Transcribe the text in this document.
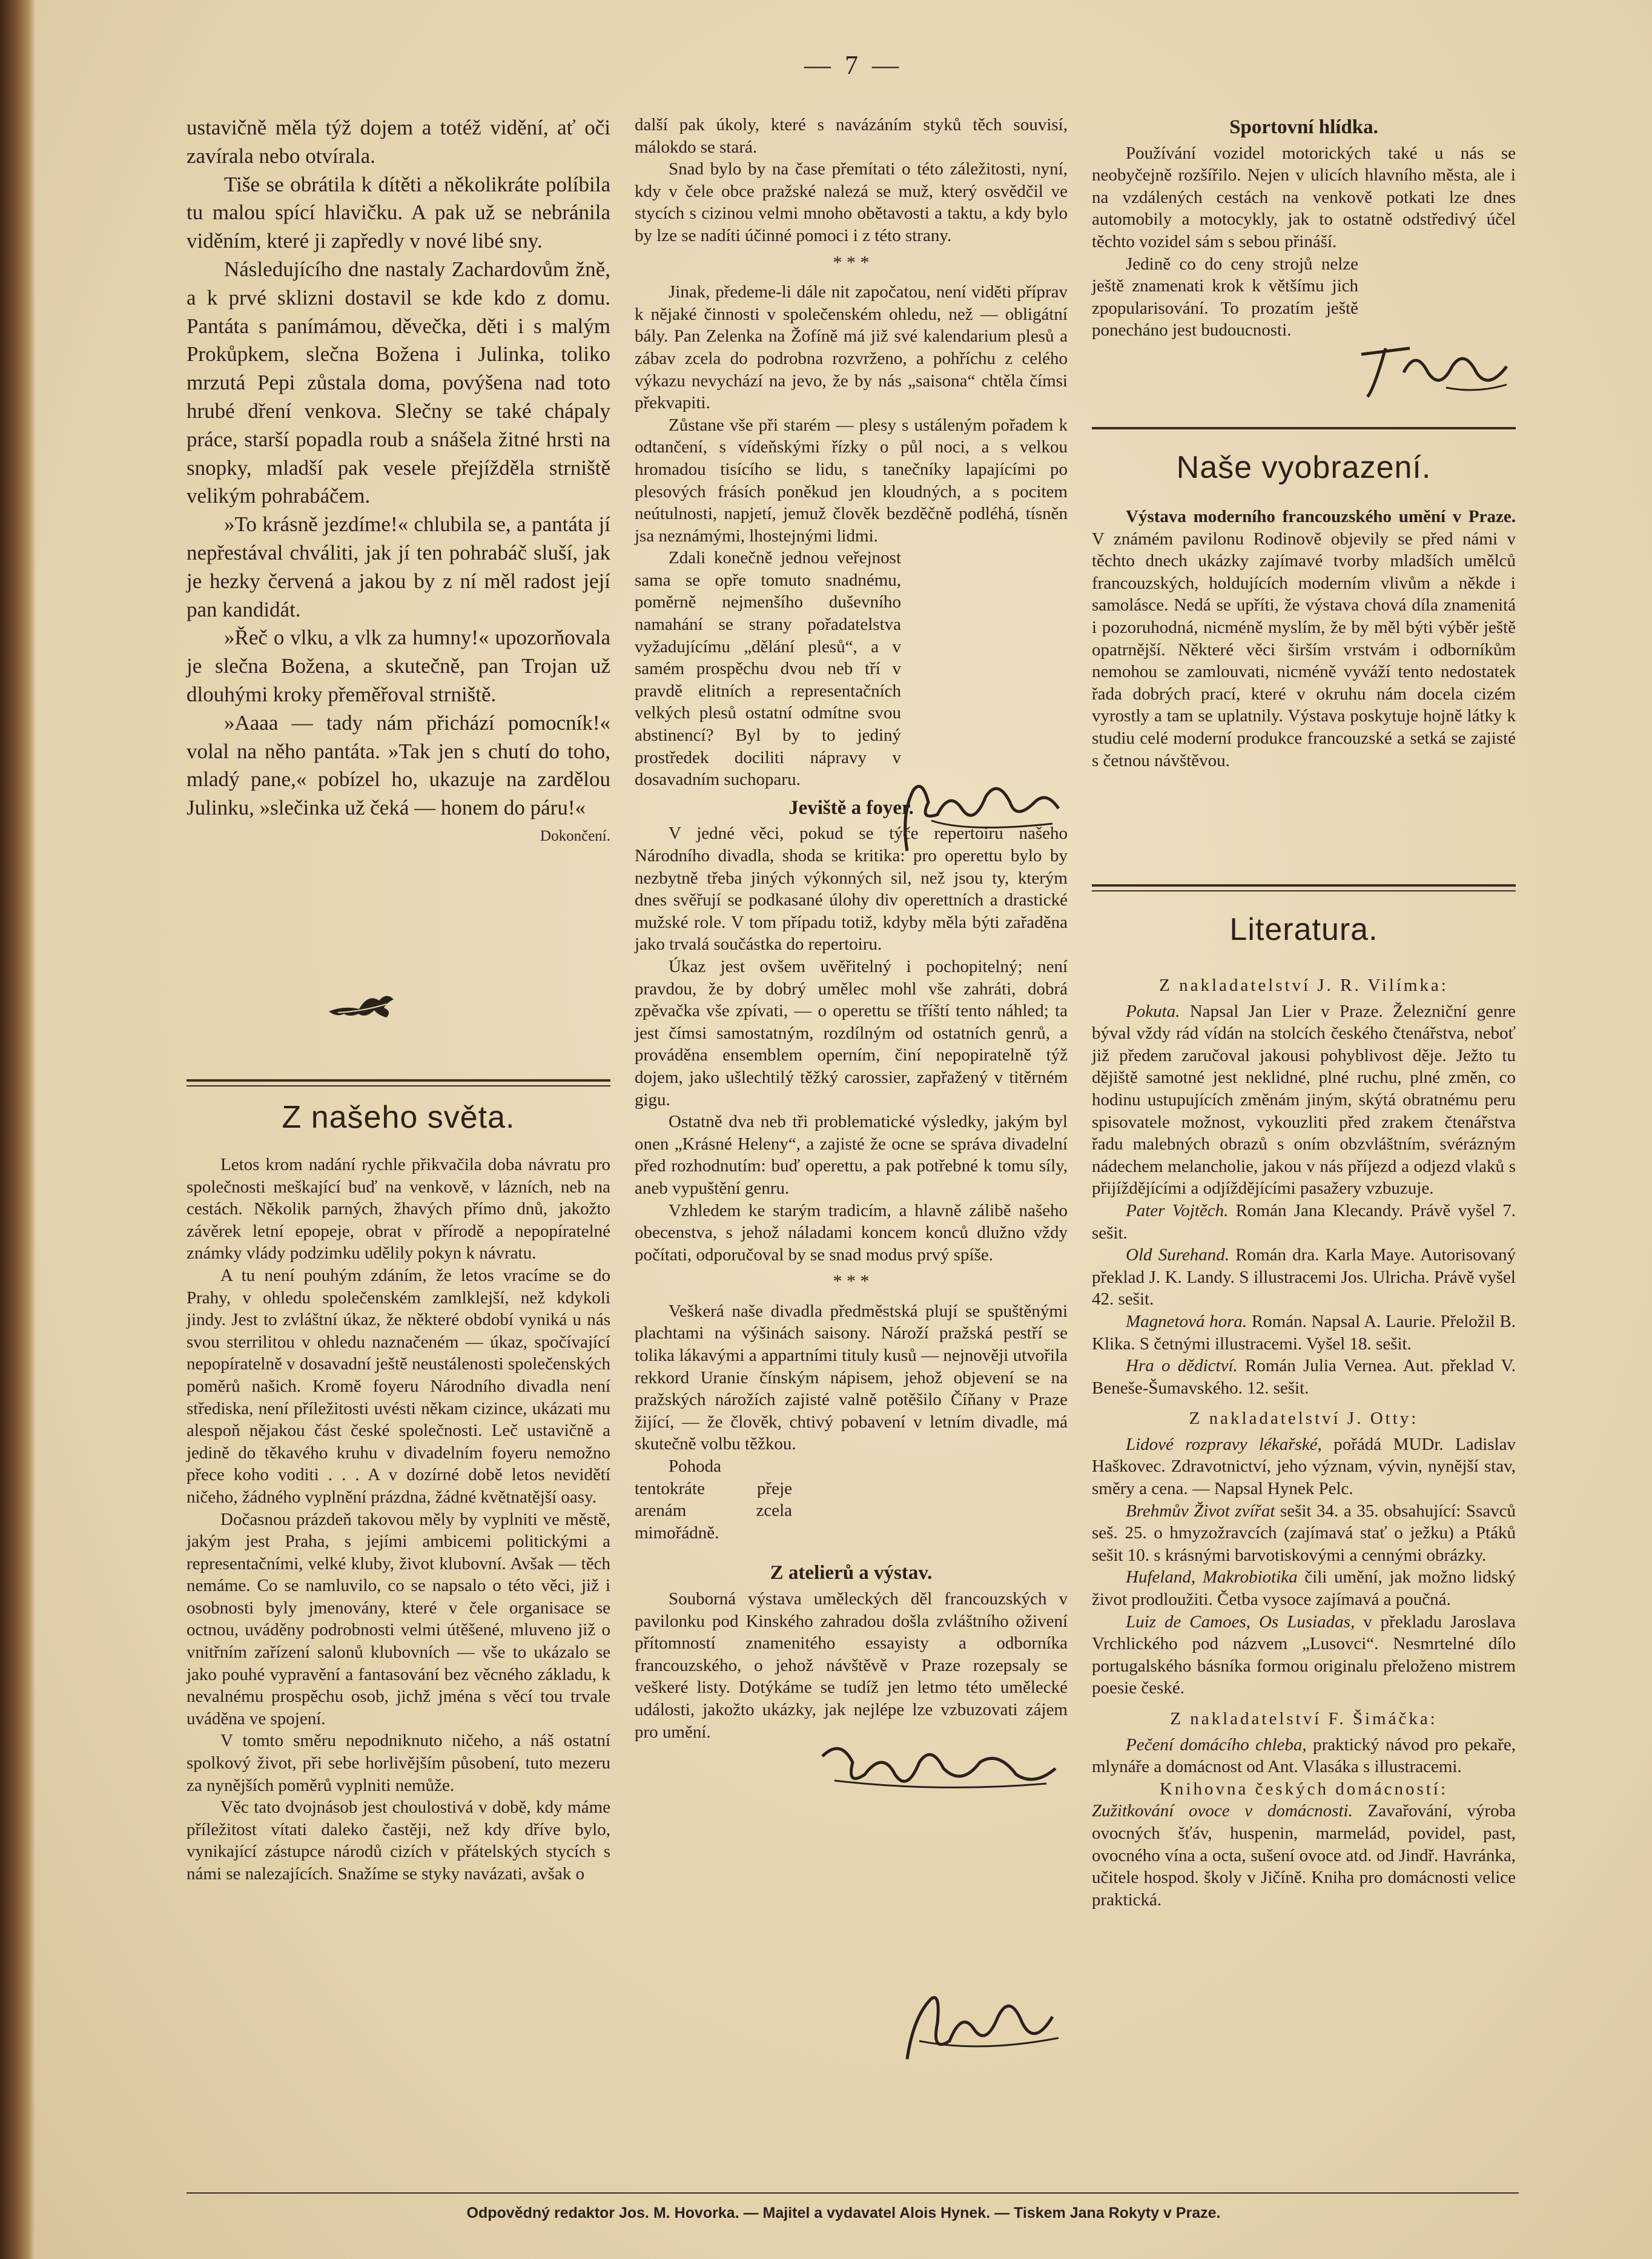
— 7 —

ustavičně měla týž dojem a totéž vidění, ať oči zavírala nebo otvírala.

Tiše se obrátila k dítěti a několikráte políbila tu malou spící hlavičku. A pak už se nebránila viděním, které ji zapředly v nové libé sny.

Následujícího dne nastaly Zachardovům žně, a k prvé sklizni dostavil se kde kdo z domu. Pantáta s panímámou, děvečka, děti i s malým Prokůpkem, slečna Božena i Julinka, toliko mrzutá Pepi zůstala doma, povýšena nad toto hrubé dření venkova. Slečny se také chápaly práce, starší popadla roub a snášela žitné hrsti na snopky, mladší pak vesele přejížděla strniště velikým pohrabáčem.

»To krásně jezdíme!« chlubila se, a pantáta jí nepřestával chváliti, jak jí ten pohrabáč sluší, jak je hezky červená a jakou by z ní měl radost její pan kandidát.

»Řeč o vlku, a vlk za humny!« upozorňovala je slečna Božena, a skutečně, pan Trojan už dlouhými kroky přeměřoval strniště.

»Aaaa — tady nám přichází pomocník!« volal na něho pantáta. »Tak jen s chutí do toho, mladý pane,« pobízel ho, ukazuje na zardělou Julinku, »slečinka už čeká — honem do páru!«

Dokončení.

Z našeho světa.

Letos krom nadání rychle přikvačila doba návratu pro společnosti meškající buď na venkově, v lázních, neb na cestách. Několik parných, žhavých přímo dnů, jakožto závěrek letní epopeje, obrat v přírodě a nepopíratelné známky vlády podzimku udělily pokyn k návratu.

A tu není pouhým zdáním, že letos vracíme se do Prahy, v ohledu společenském zamlklejší, než kdykoli jindy. Jest to zvláštní úkaz, že některé období vyniká u nás svou sterrilitou v ohledu naznačeném — úkaz, spočívající nepopíratelně v dosavadní ještě neustálenosti společenských poměrů našich. Kromě foyeru Národního divadla není střediska, není příležitosti uvésti někam cizince, ukázati mu alespoň nějakou část české společnosti. Leč ustavičně a jedině do těkavého kruhu v divadelním foyeru nemožno přece koho voditi . . . A v dozírné době letos nevidětí ničeho, žádného vyplnění prázdna, žádné květnatější oasy.

Dočasnou prázdeň takovou měly by vyplniti ve městě, jakým jest Praha, s jejími ambicemi politickými a representačními, velké kluby, život klubovní. Avšak — těch nemáme. Co se namluvilo, co se napsalo o této věci, již i osobnosti byly jmenovány, které v čele organisace se octnou, uváděny podrobnosti velmi útěšené, mluveno již o vnitřním zařízení salonů klubovních — vše to ukázalo se jako pouhé vypravění a fantasování bez věcného základu, k nevalnému prospěchu osob, jichž jména s věcí tou trvale uváděna ve spojení.

V tomto směru nepodniknuto ničeho, a náš ostatní spolkový život, při sebe horlivějším působení, tuto mezeru za nynějších poměrů vyplniti nemůže.

Věc tato dvojnásob jest choulostivá v době, kdy máme příležitost vítati daleko častěji, než kdy dříve bylo, vynikající zástupce národů cizích v přátelských stycích s námi se nalezajících. Snažíme se styky navázati, avšak o

další pak úkoly, které s navázáním styků těch souvisí, málokdo se stará.

Snad bylo by na čase přemítati o této záležitosti, nyní, kdy v čele obce pražské nalezá se muž, který osvědčil ve stycích s cizinou velmi mnoho obětavosti a taktu, a kdy bylo by lze se nadíti účinné pomoci i z této strany.

* * *

Jinak, předeme-li dále nit započatou, není viděti příprav k nějaké činnosti v společenském ohledu, než — obligátní bály. Pan Zelenka na Žofíně má již své kalendarium plesů a zábav zcela do podrobna rozvrženo, a pohříchu z celého výkazu nevychází na jevo, že by nás „saisona“ chtěla čímsi překvapiti.

Zůstane vše při starém — plesy s ustáleným pořadem k odtančení, s vídeňskými řízky o půl noci, a s velkou hromadou tisícího se lidu, s tanečníky lapajícími po plesových frásích poněkud jen kloudných, a s pocitem neútulnosti, napjetí, jemuž člověk bezděčně podléhá, tísněn jsa neznámými, lhostejnými lidmi.

Zdali konečně jednou veřejnost sama se opře tomuto snadnému, poměrně nejmenšího duševního namahání se strany pořadatelstva vyžadujícímu „dělání plesů“, a v samém prospěchu dvou neb tří v pravdě elitních a representačních velkých plesů ostatní odmítne svou abstinencí? Byl by to jediný prostředek dociliti nápravy v dosavadním suchoparu.

Jeviště a foyer.

V jedné věci, pokud se týče repertoiru našeho Národního divadla, shoda se kritika: pro operettu bylo by nezbytně třeba jiných výkonných sil, než jsou ty, kterým dnes svěřují se podkasané úlohy div operettních a drastické mužské role. V tom případu totiž, kdyby měla býti zařaděna jako trvalá součástka do repertoiru.

Úkaz jest ovšem uvěřitelný i pochopitelný; není pravdou, že by dobrý umělec mohl vše zahráti, dobrá zpěvačka vše zpívati, — o operettu se tříští tento náhled; ta jest čímsi samostatným, rozdílným od ostatních genrů, a prováděna ensemblem operním, činí nepopiratelně týž dojem, jako ušlechtilý těžký carossier, zapřažený v titěrném gigu.

Ostatně dva neb tři problematické výsledky, jakým byl onen „Krásné Heleny“, a zajisté že ocne se správa divadelní před rozhodnutím: buď operettu, a pak potřebné k tomu síly, aneb vypuštění genru.

Vzhledem ke starým tradicím, a hlavně zálibě našeho obecenstva, s jehož náladami koncem konců dlužno vždy počítati, odporučoval by se snad modus prvý spíše.

* * *

Veškerá naše divadla předměstská plují se spuštěnými plachtami na výšinách saisony. Nároží pražská pestří se tolika lákavými a appartními tituly kusů — nejnověji utvořila rekkord Uranie čínským nápisem, jehož objevení se na pražských nárožích zajisté valně potěšilo Číňany v Praze žijící, — že člověk, chtivý pobavení v letním divadle, má skutečně volbu těžkou.

Pohoda tentokráte přeje arenám zcela mimořádně.

Z atelierů a výstav.

Souborná výstava uměleckých děl francouzských v pavilonku pod Kinského zahradou došla zvláštního oživení přítomností znamenitého essayisty a odborníka francouzského, o jehož návštěvě v Praze rozepsaly se veškeré listy. Dotýkáme se tudíž jen letmo této umělecké události, jakožto ukázky, jak nejlépe lze vzbuzovati zájem pro umění.

Sportovní hlídka.

Používání vozidel motorických také u nás se neobyčejně rozšířilo. Nejen v ulicích hlavního města, ale i na vzdálených cestách na venkově potkati lze dnes automobily a motocykly, jak to ostatně odstředivý účel těchto vozidel sám s sebou přináší.

Jedině co do ceny strojů nelze ještě znamenati krok k většímu jich zpopularisování. To prozatím ještě ponecháno jest budoucnosti.

Naše vyobrazení.

Výstava moderního francouzského umění v Praze. V známém pavilonu Rodinově objevily se před námi v těchto dnech ukázky zajímavé tvorby mladších umělců francouzských, holdujících moderním vlivům a někde i samolásce. Nedá se upříti, že výstava chová díla znamenitá i pozoruhodná, nicméně myslím, že by měl býti výběr ještě opatrnější. Některé věci širším vrstvám i odborníkům nemohou se zamlouvati, nicméně vyváží tento nedostatek řada dobrých prací, které v okruhu nám docela cizém vyrostly a tam se uplatnily. Výstava poskytuje hojně látky k studiu celé moderní produkce francouzské a setká se zajisté s četnou návštěvou.

Literatura.
Z nakladatelství J. R. Vilímka:

Pokuta. Napsal Jan Lier v Praze. Železniční genre býval vždy rád vídán na stolcích českého čtenářstva, neboť již předem zaručoval jakousi pohyblivost děje. Ježto tu dějiště samotné jest neklidné, plné ruchu, plné změn, co hodinu ustupujících změnám jiným, skýtá obratnému peru spisovatele možnost, vykouzliti před zrakem čtenářstva řadu malebných obrazů s oním obzvláštním, svérázným nádechem melancholie, jakou v nás příjezd a odjezd vlaků s přijíždějícími a odjíždějícími pasažery vzbuzuje.

Pater Vojtěch. Román Jana Klecandy. Právě vyšel 7. sešit.

Old Surehand. Román dra. Karla Maye. Autorisovaný překlad J. K. Landy. S illustracemi Jos. Ulricha. Právě vyšel 42. sešit.

Magnetová hora. Román. Napsal A. Laurie. Přeložil B. Klika. S četnými illustracemi. Vyšel 18. sešit.

Hra o dědictví. Román Julia Vernea. Aut. překlad V. Beneše-Šumavského. 12. sešit.

Z nakladatelství J. Otty:

Lidové rozpravy lékařské, pořádá MUDr. Ladislav Haškovec. Zdravotnictví, jeho význam, vývin, nynější stav, směry a cena. — Napsal Hynek Pelc.

Brehmův Život zvířat sešit 34. a 35. obsahující: Ssavců seš. 25. o hmyzožravcích (zajímavá stať o ježku) a Ptáků sešit 10. s krásnými barvotiskovými a cennými obrázky.

Hufeland, Makrobiotika čili umění, jak možno lidský život prodloužiti. Četba vysoce zajímavá a poučná.

Luiz de Camoes, Os Lusiadas, v překladu Jaroslava Vrchlického pod názvem „Lusovci“. Nesmrtelné dílo portugalského básníka formou originalu přeloženo mistrem poesie české.

Z nakladatelství F. Šimáčka:

Pečení domácího chleba, praktický návod pro pekaře, mlynáře a domácnost od Ant. Vlasáka s illustracemi.

Knihovna českých domácností:

Zužitkování ovoce v domácnosti. Zavařování, výroba ovocných šťáv, huspenin, marmelád, povidel, past, ovocného vína a octa, sušení ovoce atd. od Jindř. Havránka, učitele hospod. školy v Jičíně. Kniha pro domácnosti velice praktická.

Odpovědný redaktor Jos. M. Hovorka. — Majitel a vydavatel Alois Hynek. — Tiskem Jana Rokyty v Praze.
